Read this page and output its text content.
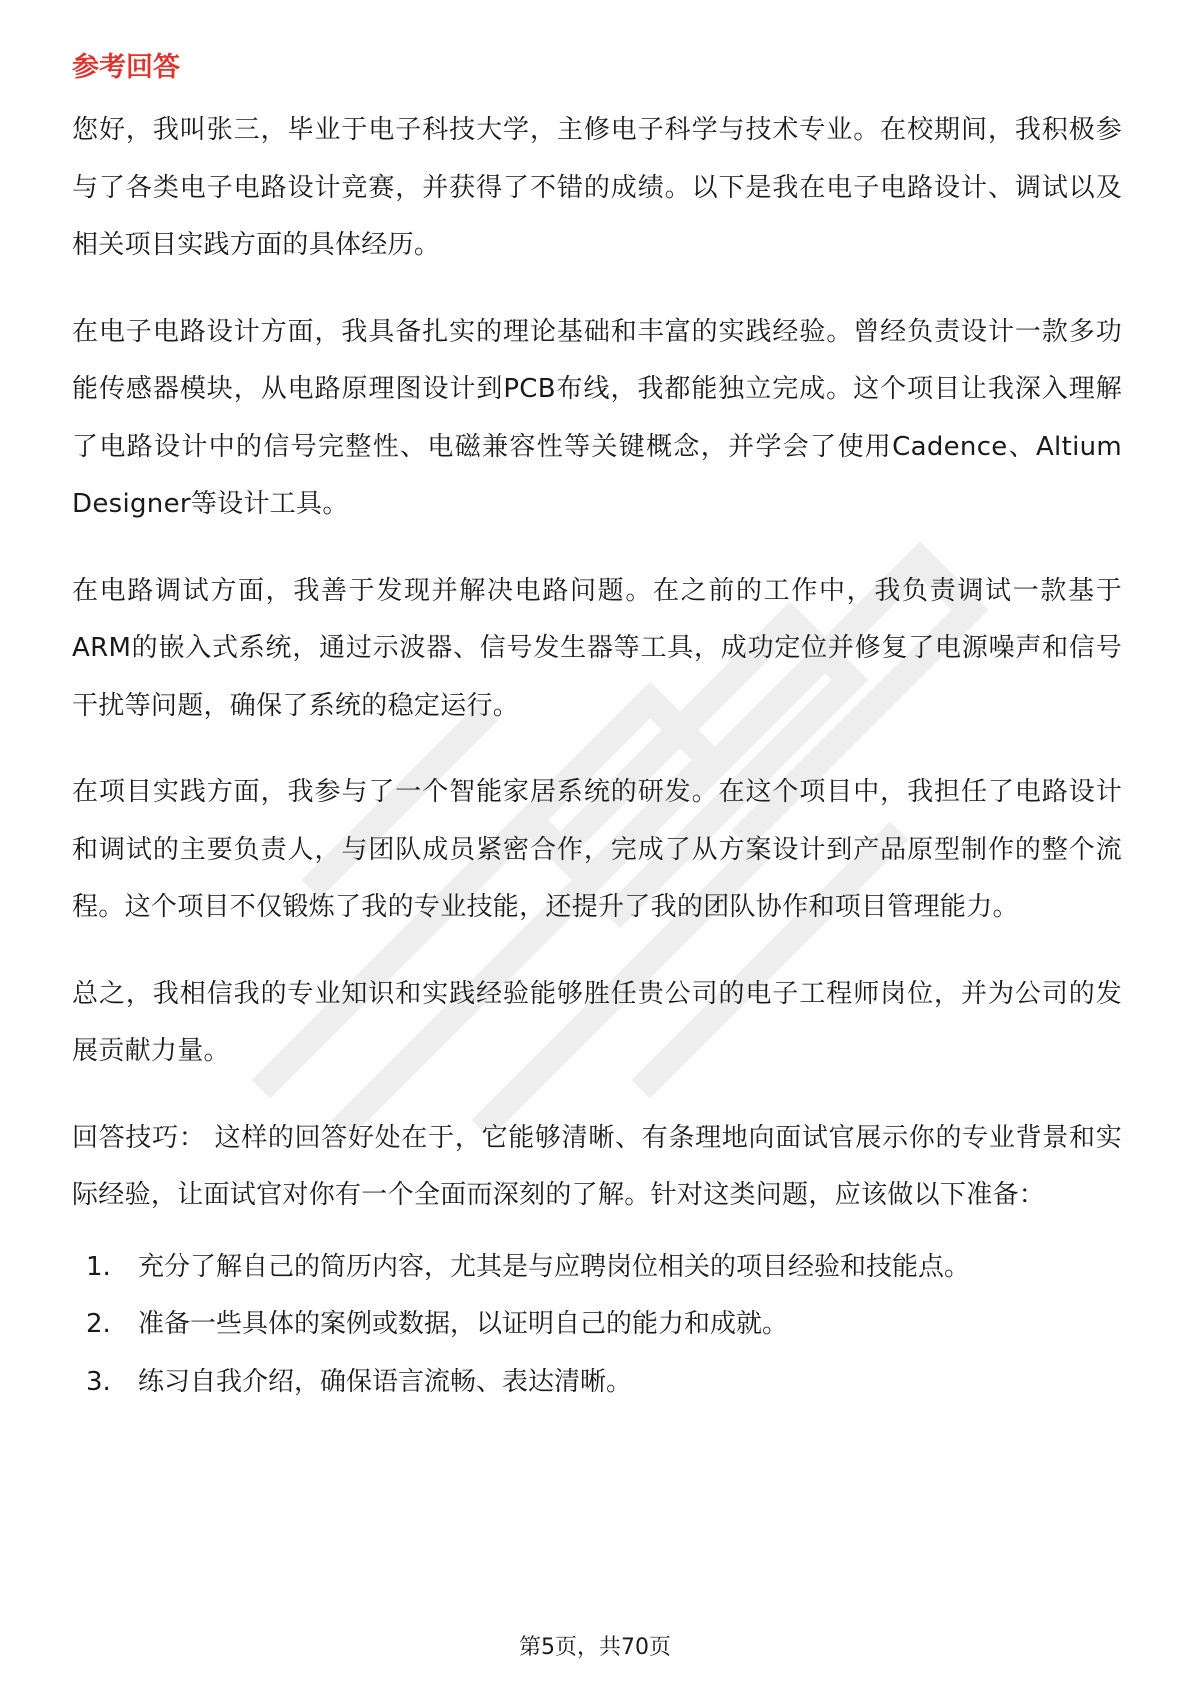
参考回答

您好，我叫张三，毕业于电子科技大学，主修电子科学与技术专业。在校期间，我积极参与了各类电子电路设计竞赛，并获得了不错的成绩。以下是我在电子电路设计、调试以及相关项目实践方面的具体经历。

在电子电路设计方面，我具备扎实的理论基础和丰富的实践经验。曾经负责设计一款多功能传感器模块，从电路原理图设计到PCB布线，我都能独立完成。这个项目让我深入理解了电路设计中的信号完整性、电磁兼容性等关键概念，并学会了使用Cadence、Altium Designer等设计工具。

在电路调试方面，我善于发现并解决电路问题。在之前的工作中，我负责调试一款基于ARM的嵌入式系统，通过示波器、信号发生器等工具，成功定位并修复了电源噪声和信号干扰等问题，确保了系统的稳定运行。

在项目实践方面，我参与了一个智能家居系统的研发。在这个项目中，我担任了电路设计和调试的主要负责人，与团队成员紧密合作，完成了从方案设计到产品原型制作的整个流程。这个项目不仅锻炼了我的专业技能，还提升了我的团队协作和项目管理能力。

总之，我相信我的专业知识和实践经验能够胜任贵公司的电子工程师岗位，并为公司的发展贡献力量。

回答技巧： 这样的回答好处在于，它能够清晰、有条理地向面试官展示你的专业背景和实际经验，让面试官对你有一个全面而深刻的了解。针对这类问题，应该做以下准备：

1.	充分了解自己的简历内容，尤其是与应聘岗位相关的项目经验和技能点。
2.	准备一些具体的案例或数据，以证明自己的能力和成就。
3.	练习自我介绍，确保语言流畅、表达清晰。
第5页，共70页
